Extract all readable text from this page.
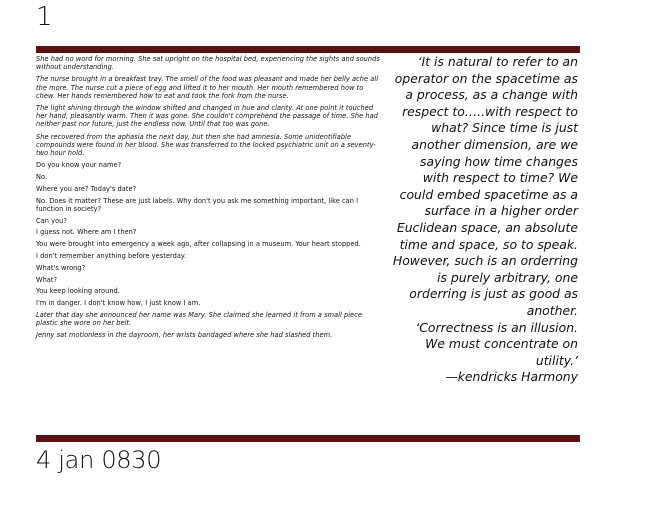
1

She had no word for morning. She sat upright on the hospital bed, experiencing the sights and sounds without understanding.

The nurse brought in a breakfast tray. The smell of the food was pleasant and made her belly ache all the more. The nurse cut a piece of egg and lifted it to her mouth. Her mouth remembered how to chew. Her hands remembered how to eat and took the fork from the nurse.

The light shining through the window shifted and changed in hue and clarity. At one point it touched her hand, pleasantly warm. Then it was gone. She couldn't comprehend the passage of time. She had neither past nor future, just the endless now. Until that too was gone.

She recovered from the aphasia the next day, but then she had amnesia. Some unidentifiable compounds were found in her blood. She was transferred to the locked psychiatric unit on a seventy-two hour hold.

Do you know your name?

No.

Where you are? Today's date?

No. Does it matter? These are just labels. Why don't you ask me something important, like can I function in society?

Can you?

I guess not. Where am I then?

You were brought into emergency a week ago, after collapsing in a museum. Your heart stopped.

I don't remember anything before yesterday.

What's wrong?

What?

You keep looking around.

I'm in danger. I don't know how, I just know I am.

Later that day she announced her name was Mary. She claimed she learned it from a small piece plastic she wore on her belt.

Jenny sat motionless in the dayroom, her wrists bandaged where she had slashed them.

‘It is natural to refer to an operator on the spacetime as a process, as a change with respect to…..with respect to what? Since time is just another dimension, are we saying how time changes with respect to time? We could embed spacetime as a surface in a higher order Euclidean space, an absolute time and space, so to speak. However, such is an orderring is purely arbitrary, one orderring is just as good as another.

‘Correctness is an illusion. We must concentrate on utility.’

—kendricks Harmony

4 jan 0830
